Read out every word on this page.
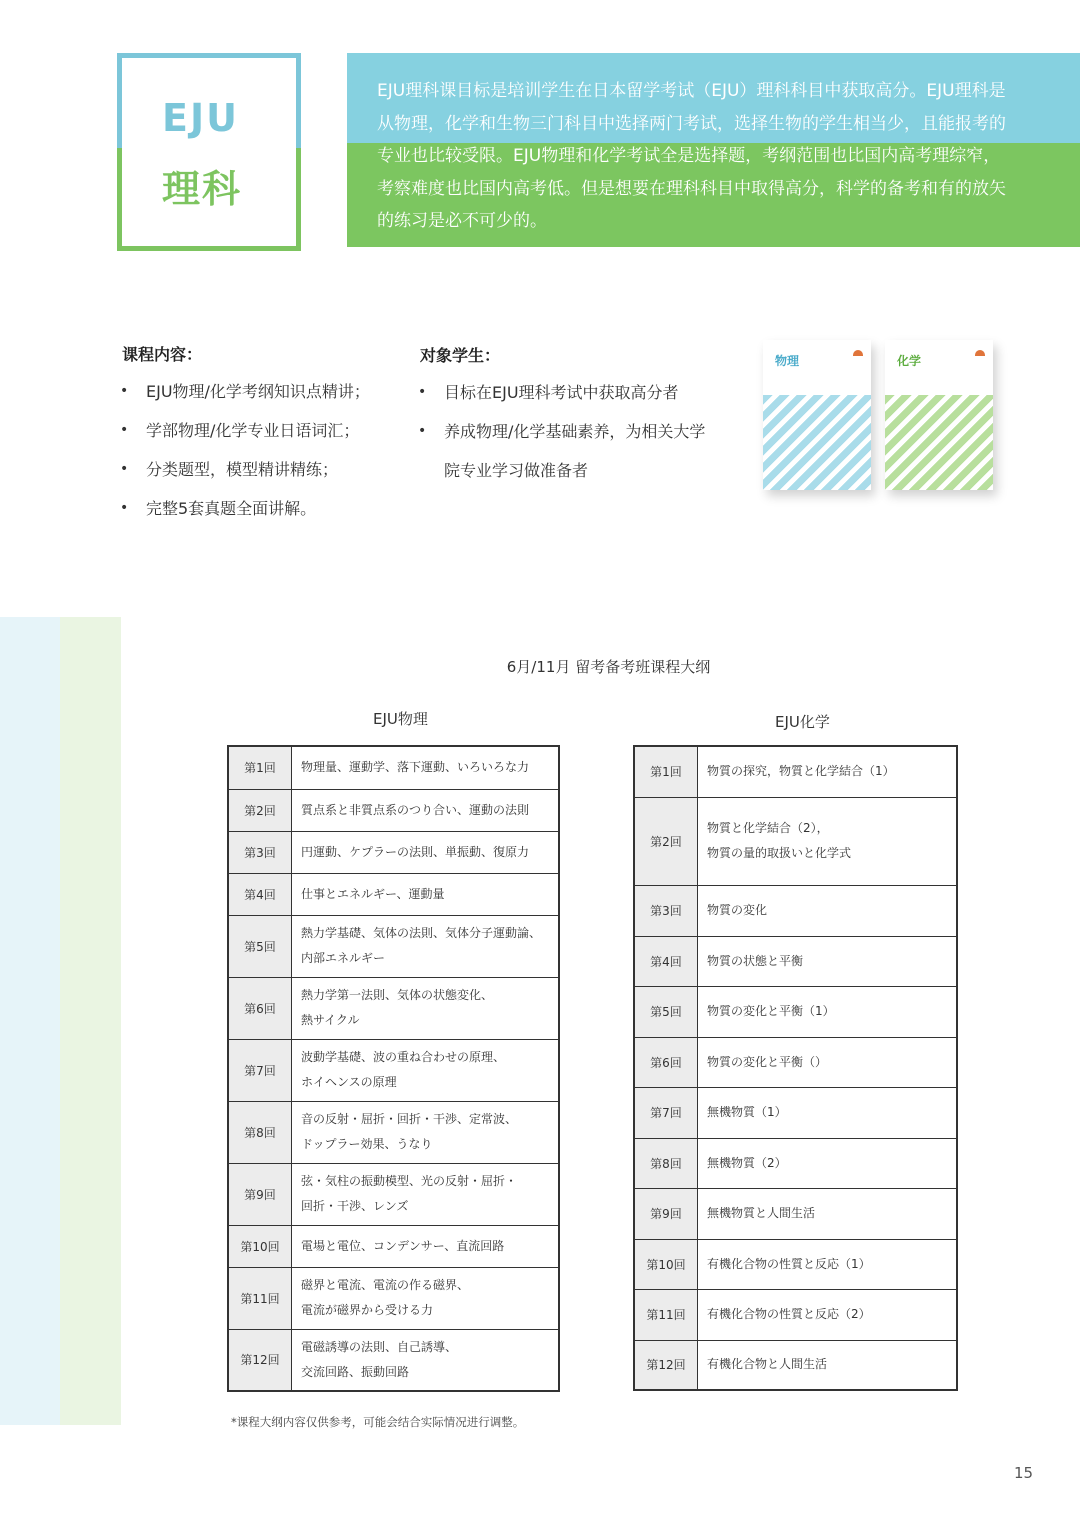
EJU
理科

EJU理科课目标是培训学生在日本留学考试（EJU）理科科目中获取高分。EJU理科是从物理，化学和生物三门科目中选择两门考试，选择生物的学生相当少，且能报考的专业也比较受限。EJU物理和化学考试全是选择题，考纲范围也比国内高考理综窄，考察难度也比国内高考低。但是想要在理科科目中取得高分，科学的备考和有的放矢的练习是必不可少的。

课程内容：
• EJU物理/化学考纲知识点精讲；
• 学部物理/化学专业日语词汇；
• 分类题型，模型精讲精练；
• 完整5套真题全面讲解。
对象学生：
• 目标在EJU理科考试中获取高分者
• 养成物理/化学基础素养，为相关大学院专业学习做准备者
物理	化学
6月/11月 留考备考班课程大纲
EJU物理	EJU化学
第1回	物理量、運動学、落下運動、いろいろな力

第2回	質点系と非質点系のつり合い、運動の法則

第3回	円運動、ケプラーの法則、単振動、復原力

第4回	仕事とエネルギー、運動量

第5回	熱力学基礎、気体の法則、気体分子運動論、
内部エネルギー

第6回	熱力学第一法則、気体の状態変化、
熱サイクル

第7回	波動学基礎、波の重ね合わせの原理、
ホイヘンスの原理

第8回	音の反射・屈折・回折・干渉、定常波、
ドップラー効果、うなり

第9回	弦・気柱の振動模型、光の反射・屈折・
回折・干渉、レンズ

第10回	電場と電位、コンデンサー、直流回路

第11回	磁界と電流、電流の作る磁界、
電流が磁界から受ける力

第12回	電磁誘導の法則、自己誘導、
交流回路、振動回路
第1回	物質の探究，物質と化学結合（1）

第2回	物質と化学結合（2），
物質の量的取扱いと化学式

第3回	物質の変化

第4回	物質の状態と平衡

第5回	物質の変化と平衡（1）

第6回	物質の変化と平衡（）

第7回	無機物質（1）

第8回	無機物質（2）

第9回	無機物質と人間生活

第10回	有機化合物の性質と反応（1）

第11回	有機化合物の性質と反応（2）

第12回	有機化合物と人間生活
*课程大纲内容仅供参考，可能会结合实际情况进行调整。
15
